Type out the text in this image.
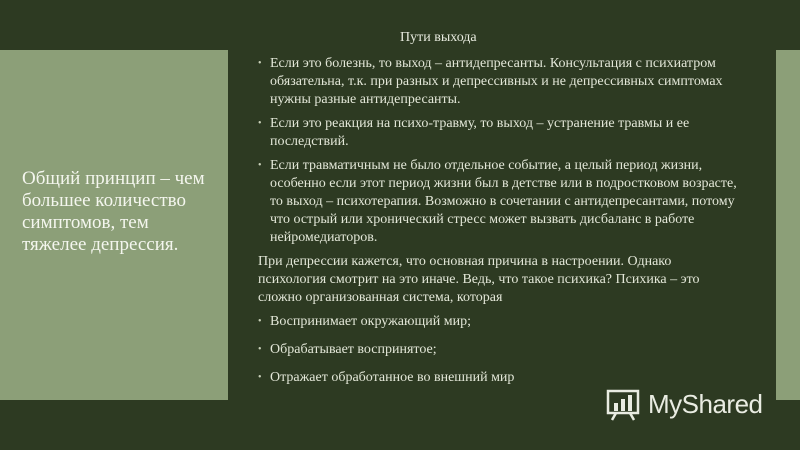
Общий принцип – чем большее количество симптомов, тем тяжелее депрессия.
Пути выхода
• Если это болезнь, то выход – антидепресанты. Консультация с психиатром обязательна, т.к. при разных и депрессивных и не депрессивных симптомах нужны разные антидепресанты.
• Если это реакция на психо-травму, то выход – устранение травмы и ее последствий.
• Если травматичным не было отдельное событие, а целый период жизни, особенно если этот период жизни был в детстве или в подростковом возрасте, то выход – психотерапия. Возможно в сочетании с антидепресантами, потому что острый или хронический стресс может вызвать дисбаланс в работе нейромедиаторов.

При депрессии кажется, что основная причина в настроении. Однако психология смотрит на это иначе. Ведь, что такое психика? Психика – это сложно организованная система, которая

• Воспринимает окружающий мир;
• Обрабатывает воспринятое;
• Отражает обработанное во внешний мир
MyShared
